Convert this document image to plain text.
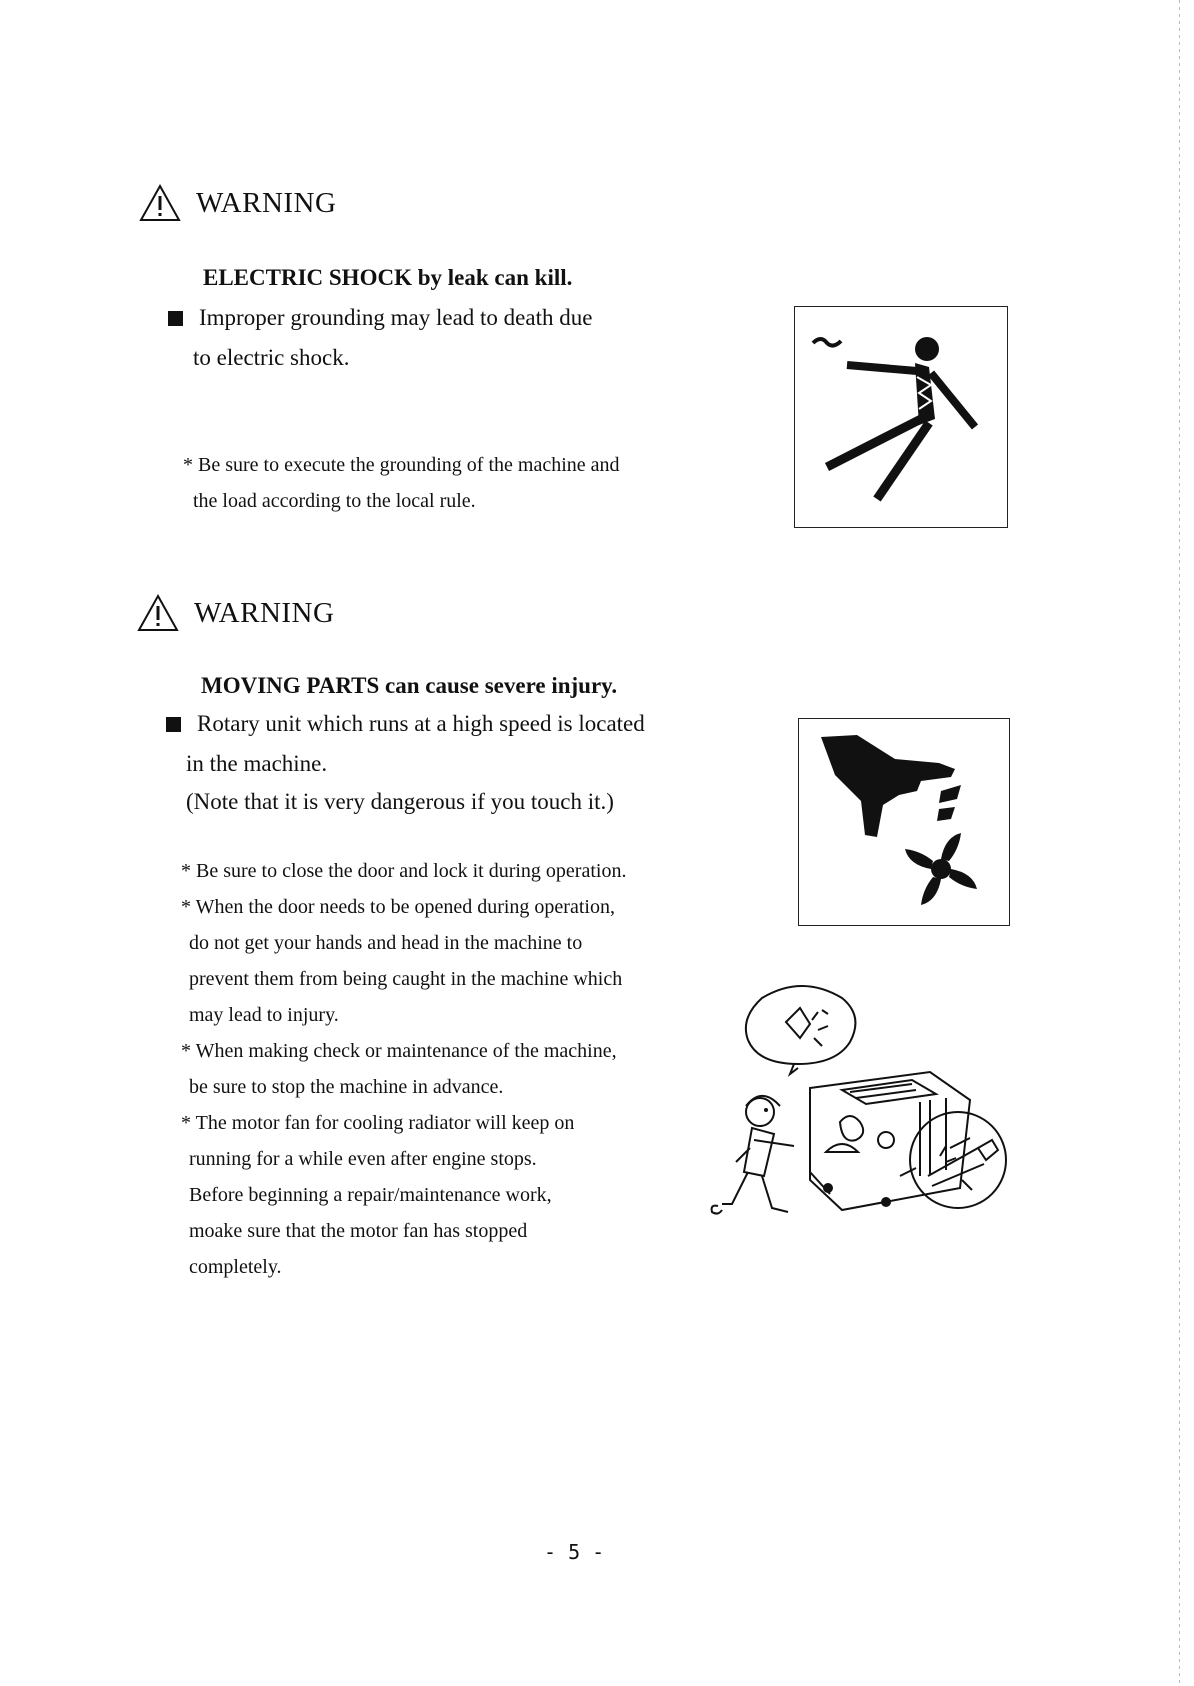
WARNING
ELECTRIC SHOCK by leak can kill.
Improper grounding may lead to death due
to electric shock.
* Be sure to execute the grounding of the machine and
the load according to the local rule.
WARNING
MOVING PARTS can cause severe injury.
Rotary unit which runs at a high speed is located
in the machine.
(Note that it is very dangerous if you touch it.)
* Be sure to close the door and lock it during operation.
* When the door needs to be opened during operation,
do not get your hands and head in the machine to
prevent them from being caught in the machine which
may lead to injury.
* When making check or maintenance of the machine,
be sure to stop the machine in advance.
* The motor fan for cooling radiator will keep on
running for a while even after engine stops.
Before beginning a repair/maintenance work,
moake sure that the motor fan has stopped
completely.
- 5 -
